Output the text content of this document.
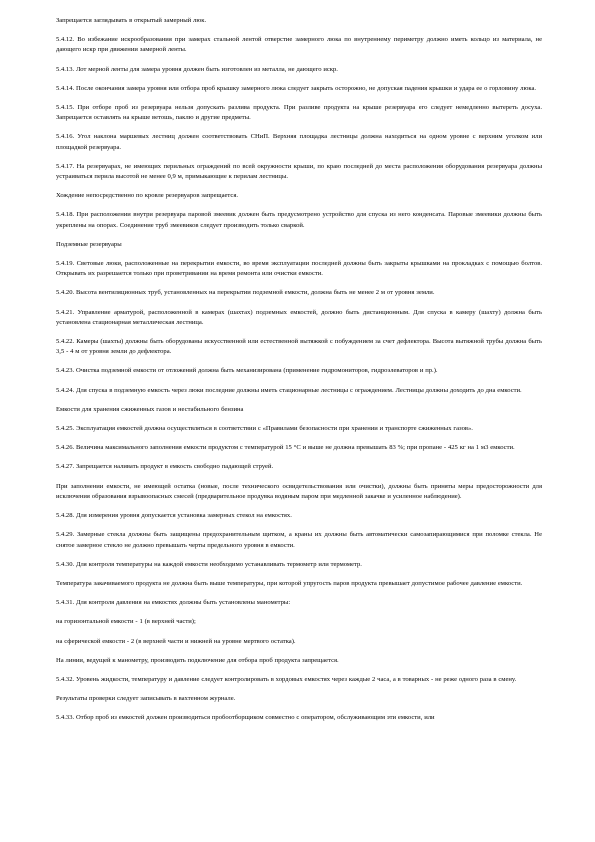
Запрещается заглядывать в открытый замерный люк.

5.4.12. Во избежание искрообразования при замерах стальной лентой отверстие замерного люка по внутреннему периметру должно иметь кольцо из материала, не дающего искр при движении замерной ленты.

5.4.13. Лот мерной ленты для замера уровня должен быть изготовлен из металла, не дающего искр.

5.4.14. После окончания замера уровня или отбора проб крышку замерного люка следует закрыть осторожно, не допуская падения крышки и удара ее о горловину люка.

5.4.15. При отборе проб из резервуара нельзя допускать разлива продукта. При разливе продукта на крыше резервуара его следует немедленно вытереть досуха. Запрещается оставлять на крыше ветошь, паклю и другие предметы.

5.4.16. Угол наклона маршевых лестниц должен соответствовать СНиП. Верхняя площадка лестницы должна находиться на одном уровне с верхним уголком или площадкой резервуара.

5.4.17. На резервуарах, не имеющих перильных ограждений по всей окружности крыши, по краю последней до места расположения оборудования резервуара должны устраиваться перила высотой не менее 0,9 м, примыкающие к перилам лестницы.

Хождение непосредственно по кровле резервуаров запрещается.

5.4.18. При расположении внутри резервуара паровой змеевик должен быть предусмотрено устройство для спуска из него конденсата. Паровые змеевики должны быть укреплены на опорах. Соединение труб змеевиков следует производить только сваркой.

Подземные резервуары

5.4.19. Световые люки, расположенные на перекрытии емкости, во время эксплуатации последней должны быть закрыты крышками на прокладках с помощью болтов. Открывать их разрешается только при проветривании на время ремонта или очистки емкости.

5.4.20. Высота вентиляционных труб, установленных на перекрытии подземной емкости, должна быть не менее 2 м от уровня земли.

5.4.21. Управление арматурой, расположенной в камерах (шахтах) подземных емкостей, должно быть дистанционным. Для спуска в камеру (шахту) должна быть установлена стационарная металлическая лестница.

5.4.22. Камеры (шахты) должны быть оборудованы искусственной или естественной вытяжкой с побуждением за счет дефлектора. Высота вытяжной трубы должна быть 3,5 - 4 м от уровня земли до дефлектора.

5.4.23. Очистка подземной емкости от отложений должна быть механизирована (применение гидромониторов, гидроэлеваторов и пр.).

5.4.24. Для спуска в подземную емкость через люки последние должны иметь стационарные лестницы с ограждением. Лестницы должны доходить до дна емкости.

Емкости для хранения сжиженных газов и нестабильного бензина

5.4.25. Эксплуатация емкостей должна осуществляться в соответствии с «Правилами безопасности при хранении и транспорте сжиженных газов».

5.4.26. Величина максимального заполнения емкости продуктом с температурой 15 °С и выше не должна превышать 83 %; при пропане - 425 кг на 1 м3 емкости.

5.4.27. Запрещается наливать продукт в емкость свободно падающей струей.

При заполнении емкости, не имеющей остатка (новые, после технического освидетельствования или очистки), должны быть приняты меры предосторожности для исключения образования взрывоопасных смесей (предварительное продувка водяным паром при медленной закачке и усиленное наблюдение).

5.4.28. Для измерения уровня допускается установка замерных стекол на емкостях.

5.4.29. Замерные стекла должны быть защищены предохранительным щитком, а краны их должны быть автоматически самозапирающимися при поломке стекла. Не снятое замерное стекло не должно превышать черты предельного уровня в емкости.

5.4.30. Для контроля температуры на каждой емкости необходимо устанавливать термометр или термометр.

Температура закачиваемого продукта не должна быть выше температуры, при которой упругость паров продукта превышает допустимое рабочее давление емкости.

5.4.31. Для контроля давления на емкостях должны быть установлены манометры:

на горизонтальной емкости - 1 (в верхней части);

на сферической емкости - 2 (в верхней части и нижней на уровне мертвого остатка).

На линии, ведущей к манометру, производить подключение для отбора проб продукта запрещается.

5.4.32. Уровень жидкости, температуру и давление следует контролировать в хордовых емкостях через каждые 2 часа, а в товарных - не реже одного раза в смену.

Результаты проверки следует записывать в вахтенном журнале.

5.4.33. Отбор проб из емкостей должен производиться пробоотборщиком совместно с оператором, обслуживающим эти емкости, или
